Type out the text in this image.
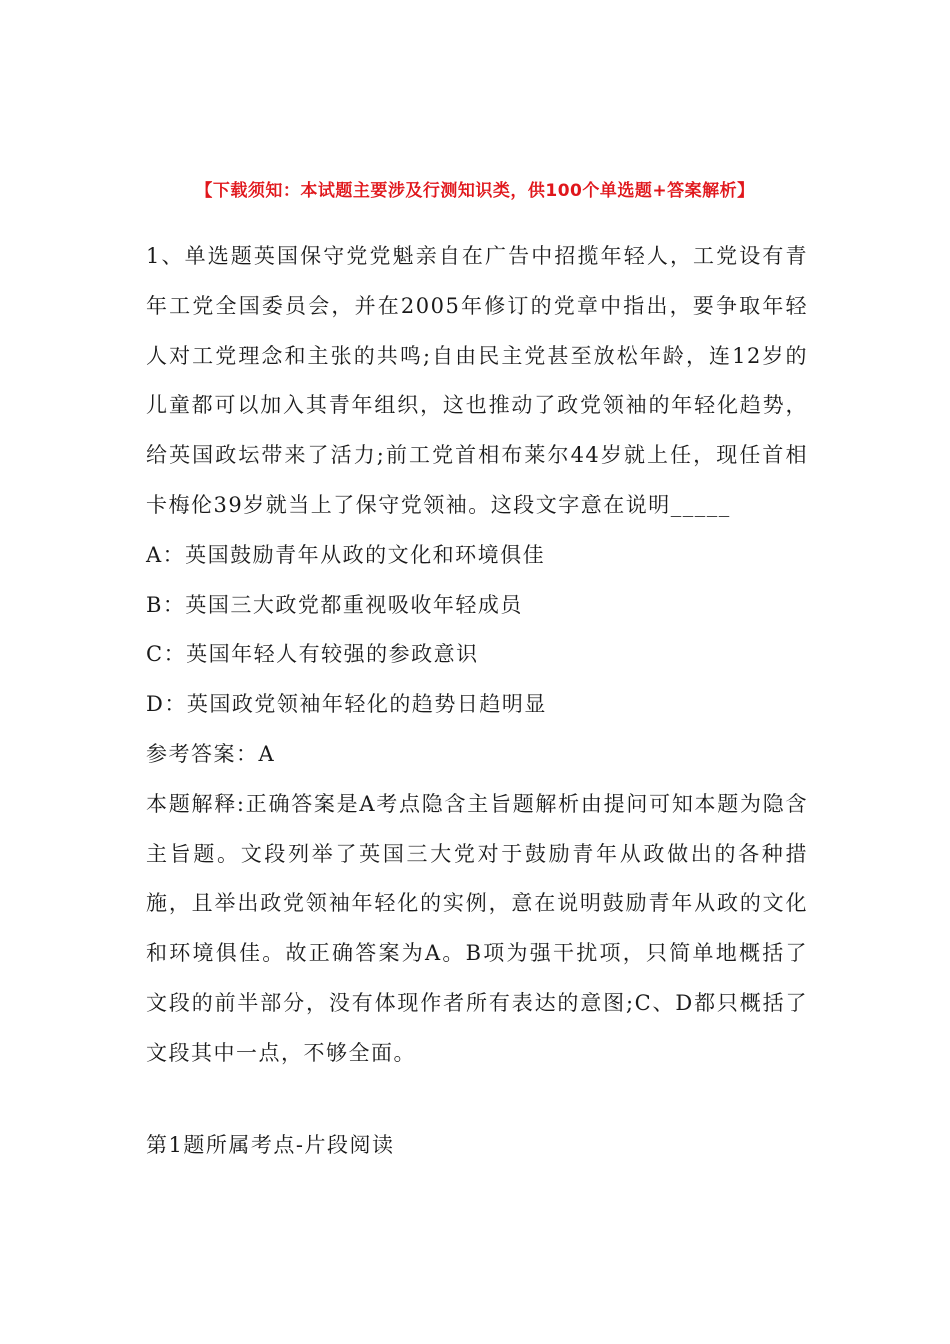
【下载须知：本试题主要涉及行测知识类，供100个单选题+答案解析】

1、单选题英国保守党党魁亲自在广告中招揽年轻人，工党设有青年工党全国委员会，并在2005年修订的党章中指出，要争取年轻人对工党理念和主张的共鸣;自由民主党甚至放松年龄，连12岁的儿童都可以加入其青年组织，这也推动了政党领袖的年轻化趋势，给英国政坛带来了活力;前工党首相布莱尔44岁就上任，现任首相卡梅伦39岁就当上了保守党领袖。这段文字意在说明_____

A：英国鼓励青年从政的文化和环境俱佳

B：英国三大政党都重视吸收年轻成员

C：英国年轻人有较强的参政意识

D：英国政党领袖年轻化的趋势日趋明显

参考答案：A

本题解释:正确答案是A考点隐含主旨题解析由提问可知本题为隐含主旨题。文段列举了英国三大党对于鼓励青年从政做出的各种措施，且举出政党领袖年轻化的实例，意在说明鼓励青年从政的文化和环境俱佳。故正确答案为A。B项为强干扰项，只简单地概括了文段的前半部分，没有体现作者所有表达的意图;C、D都只概括了文段其中一点，不够全面。

第1题所属考点-片段阅读
